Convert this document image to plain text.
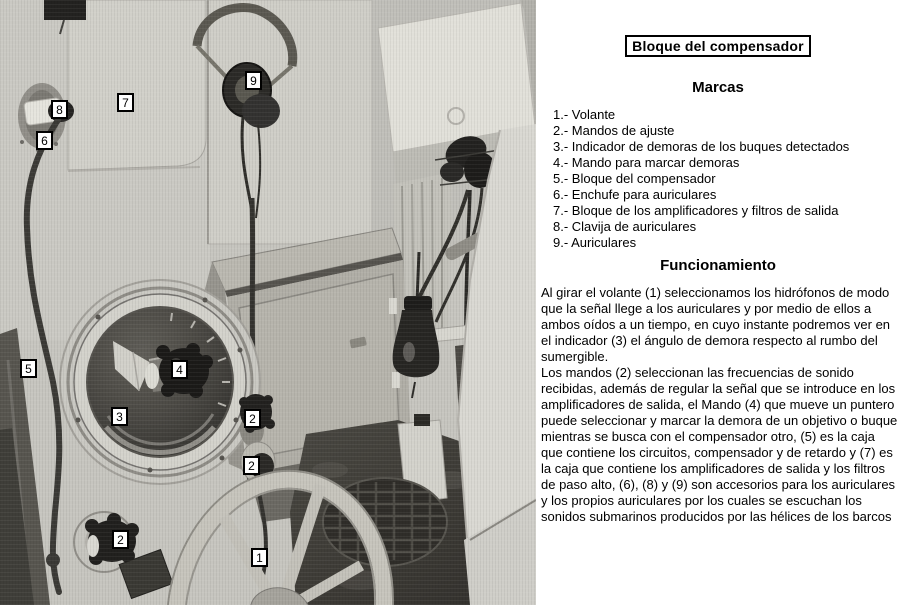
9
7
8
6
5	4
3	2
2
2
1
Bloque del compensador
Marcas
1.- Volante
2.- Mandos de ajuste
3.- Indicador de demoras de los buques detectados
4.- Mando para marcar demoras
5.- Bloque del compensador
6.- Enchufe para auriculares
7.- Bloque de los amplificadores y filtros de salida
8.- Clavija de auriculares
9.- Auriculares
Funcionamiento

Al girar el volante (1) seleccionamos los hidrófonos de modo que la señal llege a los auriculares y por medio de ellos a ambos oídos a un tiempo, en cuyo instante podremos ver en el indicador (3) el ángulo de demora respecto al rumbo del sumergible.

Los mandos (2) seleccionan las frecuencias de sonido recibidas, además de regular la señal que se introduce en los amplificadores de salida, el Mando (4) que mueve un puntero puede seleccionar y marcar la demora de un objetivo o buque mientras se busca con el compensador otro, (5) es la caja que contiene los circuitos, compensador y de retardo y (7) es la caja que contiene los amplificadores de salida y los filtros de paso alto, (6), (8) y (9) son accesorios para los auriculares y los propios auriculares por los cuales se escuchan los sonidos submarinos producidos por las hélices de los barcos
